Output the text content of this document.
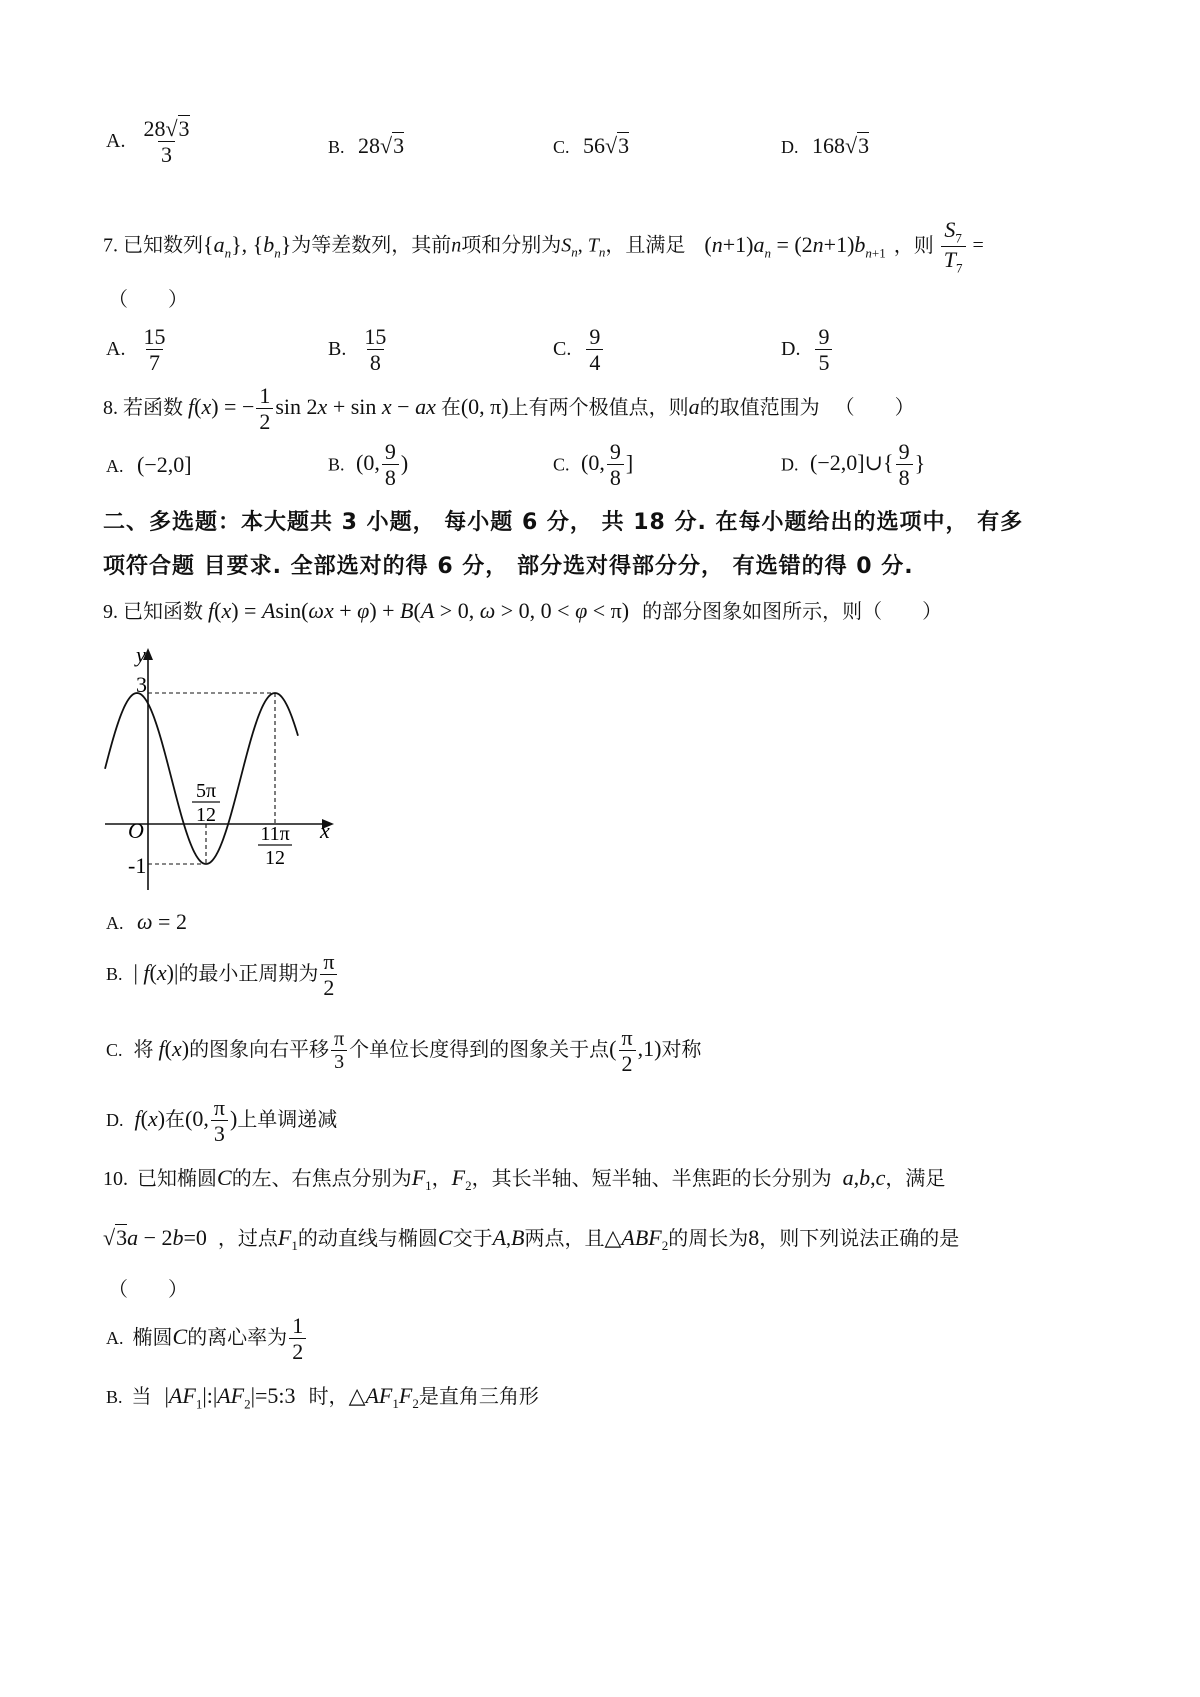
A. $\frac{28√3}{3}$	B. 28√3	C. 56√3	D. 168√3
7. 已知数列$\{a_n\}$, $\{b_n\}$为等差数列，其前n项和分别为$S_n$, $T_n$，且满足 $(n+1)a_n = (2n+1)b_{n+1}$ ，则 $\frac{S_7}{T_7}$ =
（　　）
A. $\frac{15}{7}$	B. $\frac{15}{8}$	C. $\frac{9}{4}$	D. $\frac{9}{5}$
8. 若函数 f(x) = − $\frac{1}{2}$ sin 2x + sin x − ax 在(0, π)上有两个极值点，则a的取值范围为 （　　）
A. (−2,0]	B. (0, $\frac{9}{8}$ )	C. (0, $\frac{9}{8}$ ]	D. (−2,0]∪{ $\frac{9}{8}$ }
二、多选题：本大题共 3 小题， 每小题 6 分， 共 18 分. 在每小题给出的选项中， 有多
项符合题 目要求. 全部选对的得 6 分， 部分选对得部分分， 有选错的得 0 分.
9. 已知函数 f(x) = Asin(ωx + φ) + B(A > 0, ω > 0, 0 < φ < π) 的部分图象如图所示，则（　　）
y
x
O
3
-1
5π
12
11π
12
A. ω = 2
B. | f(x)|的最小正周期为 $\frac{\pi}{2}$
C. 将 f(x)的图象向右平移 $\frac{\pi}{3}$ 个单位长度得到的图象关于点( $\frac{\pi}{2} ,1$)对称
D. f(x)在(0, $\frac{\pi}{3}$ )上单调递减
10. 已知椭圆C的左、右焦点分别为$F_1$，$F_2$，其长半轴、短半轴、半焦距的长分别为 a,b,c，满足
√3a − 2b=0 ，过点$F_1$的动直线与椭圆C交于A,B两点，且$\triangle ABF_2$的周长为8，则下列说法正确的是
（　　）
A. 椭圆C的离心率为 $\frac{1}{2}$
B. 当 $|AF_1|:|AF_2|=5:3$ 时，$\triangle AF_1F_2$是直角三角形
